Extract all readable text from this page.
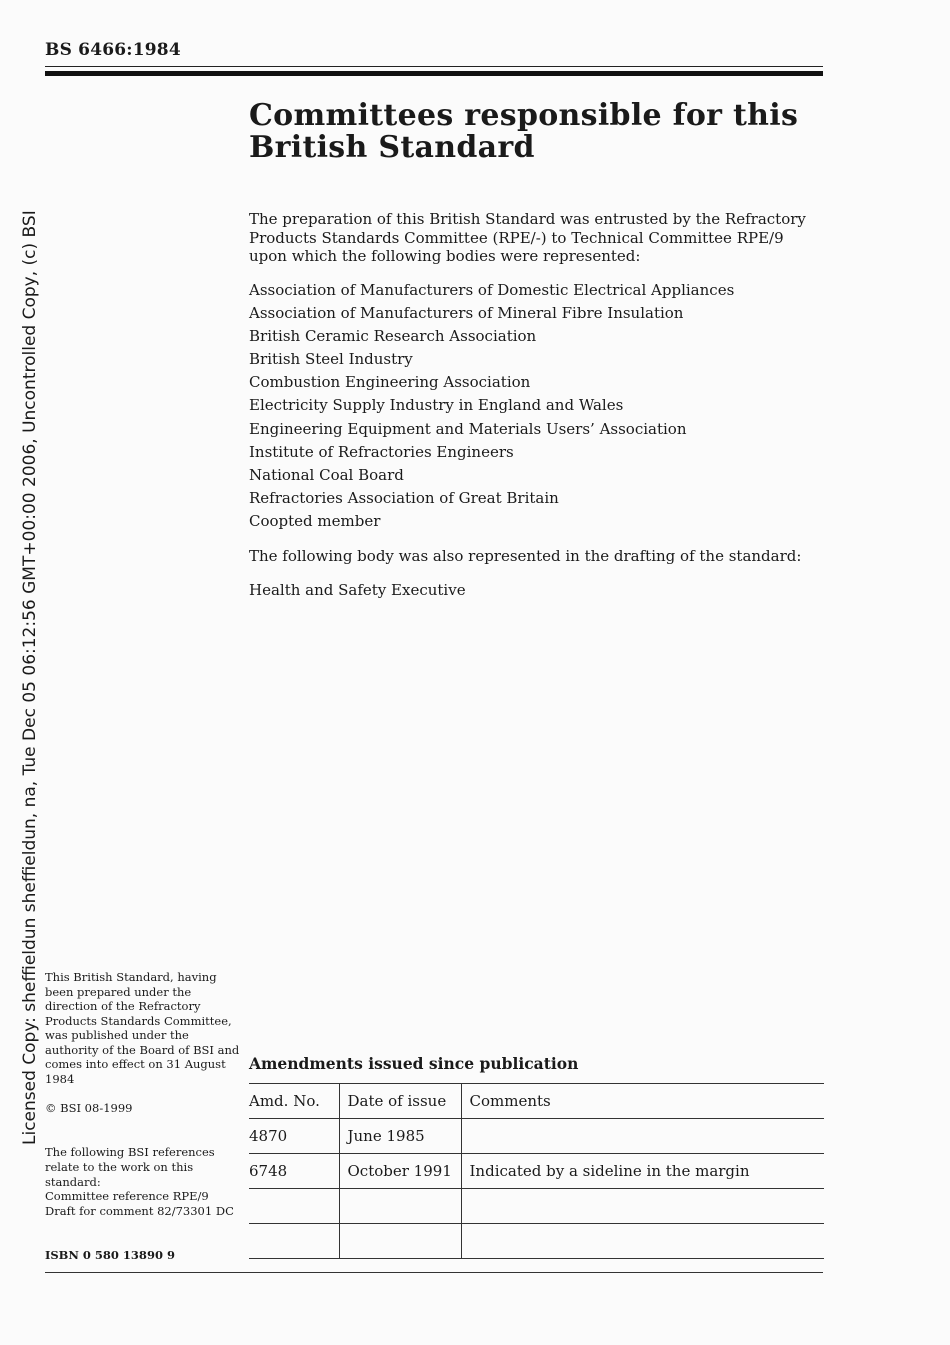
Licensed Copy: sheffieldun sheffieldun, na, Tue Dec 05 06:12:56 GMT+00:00 2006, Uncontrolled Copy, (c) BSI
BS 6466:1984
Committees responsible for this British Standard
The preparation of this British Standard was entrusted by the Refractory Products Standards Committee (RPE/-) to Technical Committee RPE/9 upon which the following bodies were represented:
Association of Manufacturers of Domestic Electrical Appliances
Association of Manufacturers of Mineral Fibre Insulation
British Ceramic Research Association
British Steel Industry
Combustion Engineering Association
Electricity Supply Industry in England and Wales
Engineering Equipment and Materials Users’ Association
Institute of Refractories Engineers
National Coal Board
Refractories Association of Great Britain
Coopted member
The following body was also represented in the drafting of the standard:
Health and Safety Executive
This British Standard, having been prepared under the direction of the Refractory Products Standards Committee, was published under the authority of the Board of BSI and comes into effect on 31 August 1984
© BSI 08-1999
The following BSI references relate to the work on this standard:
Committee reference RPE/9
Draft for comment 82/73301 DC
ISBN 0 580 13890 9
Amendments issued since publication
Amd. No.	Date of issue	Comments
4870	June 1985	
6748	October 1991	Indicated by a sideline in the margin
